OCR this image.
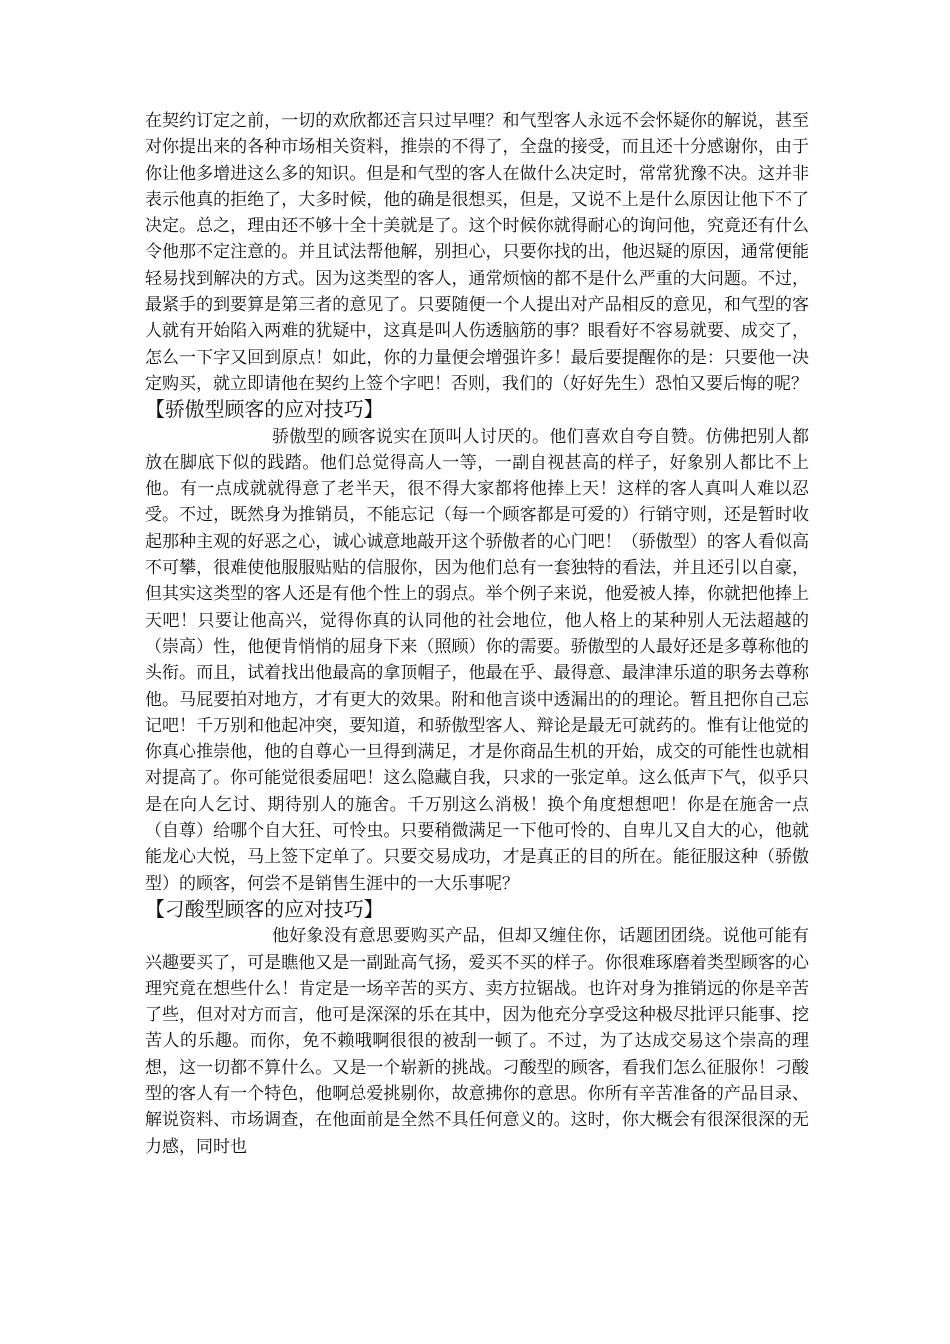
在契约订定之前，一切的欢欣都还言只过早哩？和气型客人永远不会怀疑你的解说，甚至对你提出来的各种市场相关资料，推崇的不得了，全盘的接受，而且还十分感谢你，由于你让他多增进这么多的知识。但是和气型的客人在做什么决定时，常常犹豫不决。这并非表示他真的拒绝了，大多时候，他的确是很想买，但是，又说不上是什么原因让他下不了决定。总之，理由还不够十全十美就是了。这个时候你就得耐心的询问他，究竟还有什么令他那不定注意的。并且试法帮他解，别担心，只要你找的出，他迟疑的原因，通常便能轻易找到解决的方式。因为这类型的客人，通常烦恼的都不是什么严重的大问题。不过，最紧手的到要算是第三者的意见了。只要随便一个人提出对产品相反的意见，和气型的客人就有开始陷入两难的犹疑中，这真是叫人伤透脑筋的事？眼看好不容易就要、成交了，怎么一下字又回到原点！如此，你的力量便会增强许多！最后要提醒你的是：只要他一决定购买，就立即请他在契约上签个字吧！否则，我们的（好好先生）恐怕又要后悔的呢？

【骄傲型顾客的应对技巧】

骄傲型的顾客说实在顶叫人讨厌的。他们喜欢自夸自赞。仿佛把别人都放在脚底下似的践踏。他们总觉得高人一等，一副自视甚高的样子，好象别人都比不上他。有一点成就就得意了老半天，很不得大家都将他捧上天！这样的客人真叫人难以忍受。不过，既然身为推销员，不能忘记（每一个顾客都是可爱的）行销守则，还是暂时收起那种主观的好恶之心，诚心诚意地敲开这个骄傲者的心门吧！（骄傲型）的客人看似高不可攀，很难使他服服贴贴的信服你，因为他们总有一套独特的看法，并且还引以自豪，但其实这类型的客人还是有他个性上的弱点。举个例子来说，他爱被人捧，你就把他捧上天吧！只要让他高兴，觉得你真的认同他的社会地位，他人格上的某种别人无法超越的（崇高）性，他便肯悄悄的屈身下来（照顾）你的需要。骄傲型的人最好还是多尊称他的头衔。而且，试着找出他最高的拿顶帽子，他最在乎、最得意、最津津乐道的职务去尊称他。马屁要拍对地方，才有更大的效果。附和他言谈中透漏出的的理论。暂且把你自己忘记吧！千万别和他起冲突，要知道，和骄傲型客人、辩论是最无可就药的。惟有让他觉的你真心推崇他，他的自尊心一旦得到满足，才是你商品生机的开始，成交的可能性也就相对提高了。你可能觉很委屈吧！这么隐藏自我，只求的一张定单。这么低声下气，似乎只是在向人乞讨、期待别人的施舍。千万别这么消极！换个角度想想吧！你是在施舍一点（自尊）给哪个自大狂、可怜虫。只要稍微满足一下他可怜的、自卑儿又自大的心，他就能龙心大悦，马上签下定单了。只要交易成功，才是真正的目的所在。能征服这种（骄傲型）的顾客，何尝不是销售生涯中的一大乐事呢？

【刁酸型顾客的应对技巧】

他好象没有意思要购买产品，但却又缠住你，话题团团绕。说他可能有兴趣要买了，可是瞧他又是一副趾高气扬，爱买不买的样子。你很难琢磨着类型顾客的心理究竟在想些什么！肯定是一场辛苦的买方、卖方拉锯战。也许对身为推销远的你是辛苦了些，但对对方而言，他可是深深的乐在其中，因为他充分享受这种极尽批评只能事、挖苦人的乐趣。而你，免不赖哦啊很很的被刮一顿了。不过，为了达成交易这个崇高的理想，这一切都不算什么。又是一个崭新的挑战。刁酸型的顾客，看我们怎么征服你！刁酸型的客人有一个特色，他啊总爱挑剔你，故意拂你的意思。你所有辛苦准备的产品目录、解说资料、市场调查，在他面前是全然不具任何意义的。这时，你大概会有很深很深的无力感，同时也
